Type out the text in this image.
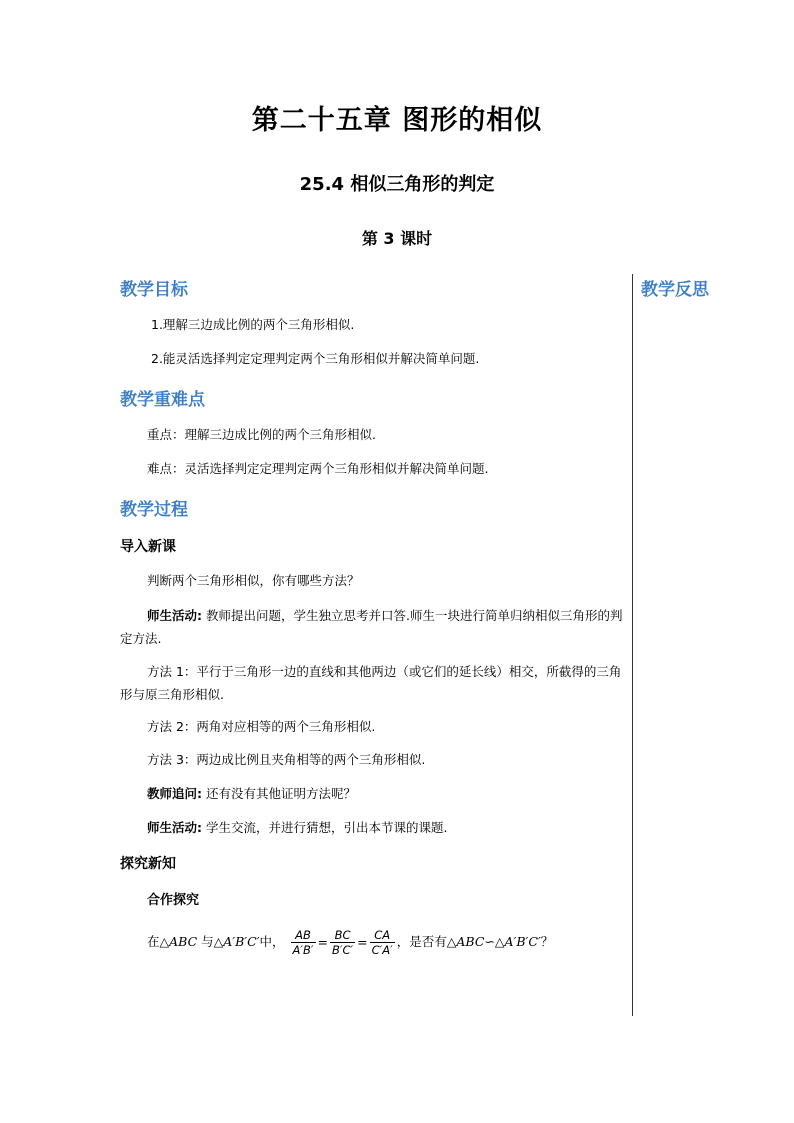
第二十五章 图形的相似
25.4 相似三角形的判定
第 3 课时
教学反思
教学目标
1.理解三边成比例的两个三角形相似.
2.能灵活选择判定定理判定两个三角形相似并解决简单问题.
教学重难点
重点：理解三边成比例的两个三角形相似.
难点：灵活选择判定定理判定两个三角形相似并解决简单问题.
教学过程
导入新课
判断两个三角形相似，你有哪些方法？
师生活动: 教师提出问题，学生独立思考并口答.师生一块进行简单归纳相似三角形的判定方法.
方法 1：平行于三角形一边的直线和其他两边（或它们的延长线）相交，所截得的三角形与原三角形相似.
方法 2：两角对应相等的两个三角形相似.
方法 3：两边成比例且夹角相等的两个三角形相似.
教师追问: 还有没有其他证明方法呢？
师生活动: 学生交流，并进行猜想，引出本节课的课题.
探究新知
合作探究
在△ABC 与△A′B′C′中， $\frac{AB}{A'B'} = \frac{BC}{B'C'} = \frac{CA}{C'A'}$ ，是否有△ABC∽△A′B′C′？
